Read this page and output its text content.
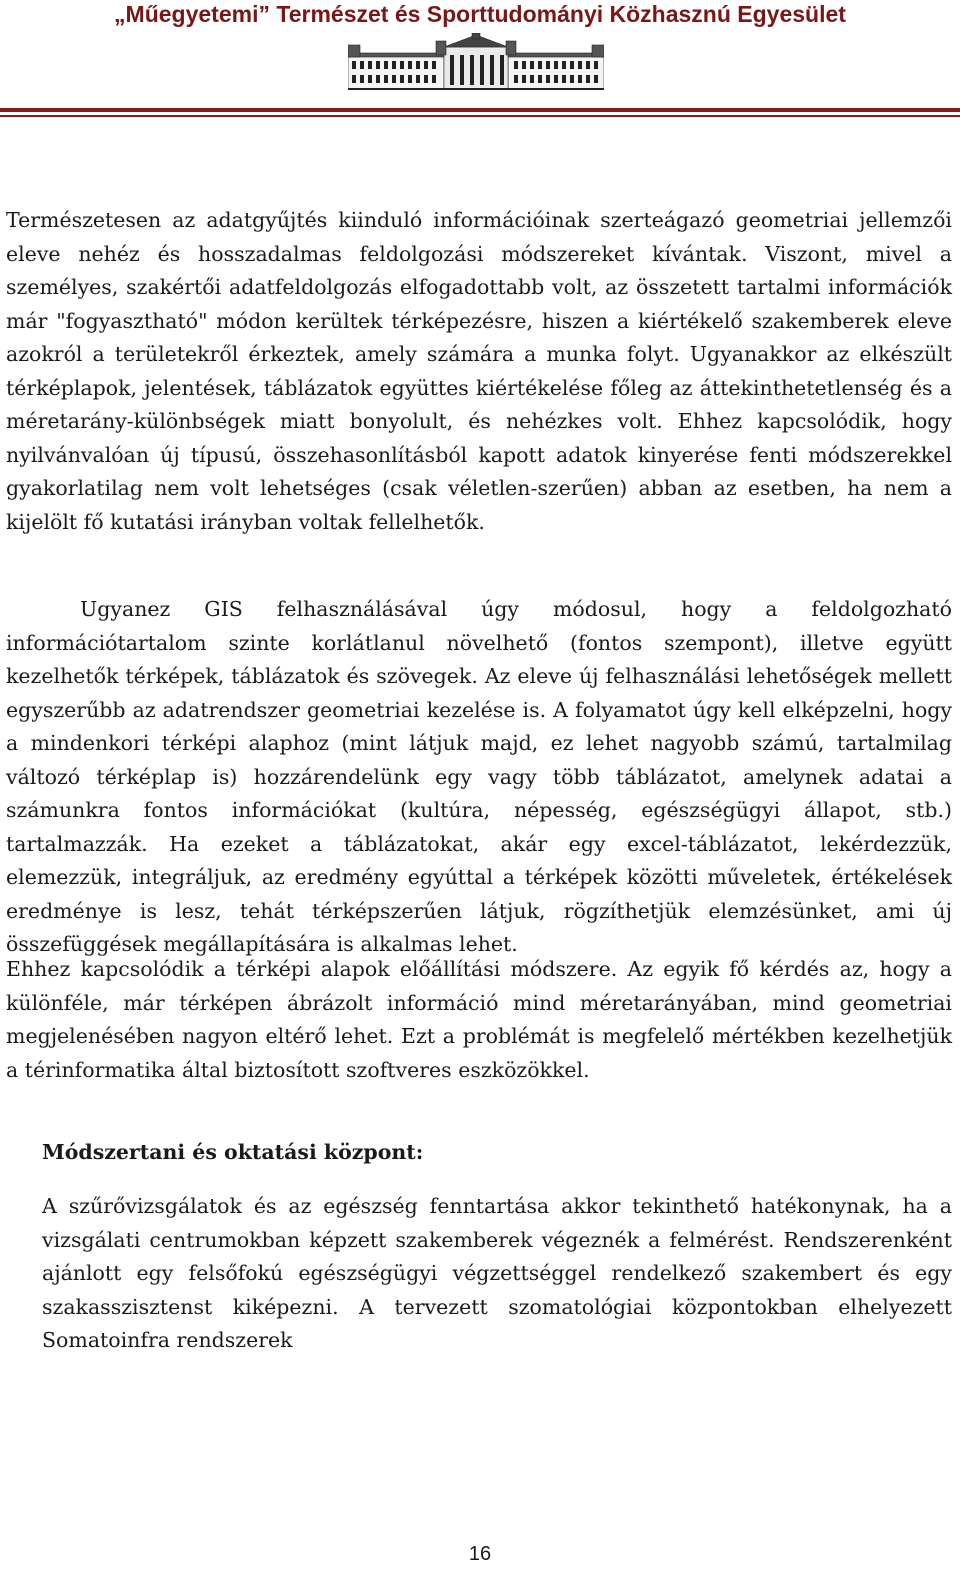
„Műegyetemi” Természet és Sporttudományi Közhasznú Egyesület

Természetesen az adatgyűjtés kiinduló információinak szerteágazó geometriai jellemzői eleve nehéz és hosszadalmas feldolgozási módszereket kívántak. Viszont, mivel a személyes, szakértői adatfeldolgozás elfogadottabb volt, az összetett tartalmi információk már "fogyasztható" módon kerültek térképezésre, hiszen a kiértékelő szakemberek eleve azokról a területekről érkeztek, amely számára a munka folyt. Ugyanakkor az elkészült térképlapok, jelentések, táblázatok együttes kiértékelése főleg az áttekinthetetlenség és a méretarány-különbségek miatt bonyolult, és nehézkes volt. Ehhez kapcsolódik, hogy nyilvánvalóan új típusú, összehasonlításból kapott adatok kinyerése fenti módszerekkel gyakorlatilag nem volt lehetséges (csak véletlen-szerűen) abban az esetben, ha nem a kijelölt fő kutatási irányban voltak fellelhetők.

Ugyanez GIS felhasználásával úgy módosul, hogy a feldolgozható információtartalom szinte korlátlanul növelhető (fontos szempont), illetve együtt kezelhetők térképek, táblázatok és szövegek. Az eleve új felhasználási lehetőségek mellett egyszerűbb az adatrendszer geometriai kezelése is. A folyamatot úgy kell elképzelni, hogy a mindenkori térképi alaphoz (mint látjuk majd, ez lehet nagyobb számú, tartalmilag változó térképlap is) hozzárendelünk egy vagy több táblázatot, amelynek adatai a számunkra fontos információkat (kultúra, népesség, egészségügyi állapot, stb.) tartalmazzák. Ha ezeket a táblázatokat, akár egy excel-táblázatot, lekérdezzük, elemezzük, integráljuk, az eredmény egyúttal a térképek közötti műveletek, értékelések eredménye is lesz, tehát térképszerűen látjuk, rögzíthetjük elemzésünket, ami új összefüggések megállapítására is alkalmas lehet.

Ehhez kapcsolódik a térképi alapok előállítási módszere. Az egyik fő kérdés az, hogy a különféle, már térképen ábrázolt információ mind méretarányában, mind geometriai megjelenésében nagyon eltérő lehet. Ezt a problémát is megfelelő mértékben kezelhetjük a térinformatika által biztosított szoftveres eszközökkel.

Módszertani és oktatási központ:

A szűrővizsgálatok és az egészség fenntartása akkor tekinthető hatékonynak, ha a vizsgálati centrumokban képzett szakemberek végeznék a felmérést. Rendszerenként ajánlott egy felsőfokú egészségügyi végzettséggel rendelkező szakembert és egy szakasszisztenst kiképezni. A tervezett szomatológiai központokban elhelyezett Somatoinfra rendszerek

16
